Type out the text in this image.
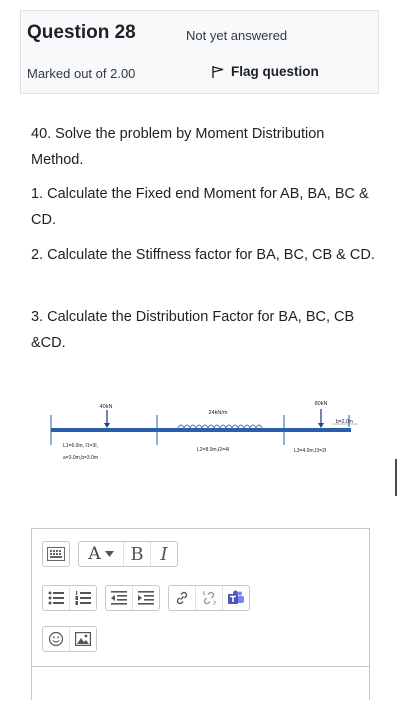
Question 28	Not yet answered
Marked out of 2.00	Flag question

40. Solve the problem by Moment Distribution Method.

1. Calculate the Fixed end Moment for AB, BA, BC & CD.

2. Calculate the Stiffness factor for BA, BC, CB & CD.

3. Calculate the Distribution Factor for BA, BC, CB &CD.

40kN
24kN/m
80kN
b=2.0m
L1=6.0m, I1=3I,
a=3.0m,b=3.0m
L2=8.0m,I2=4I	L3=4.0m,I3=2I
A B I
